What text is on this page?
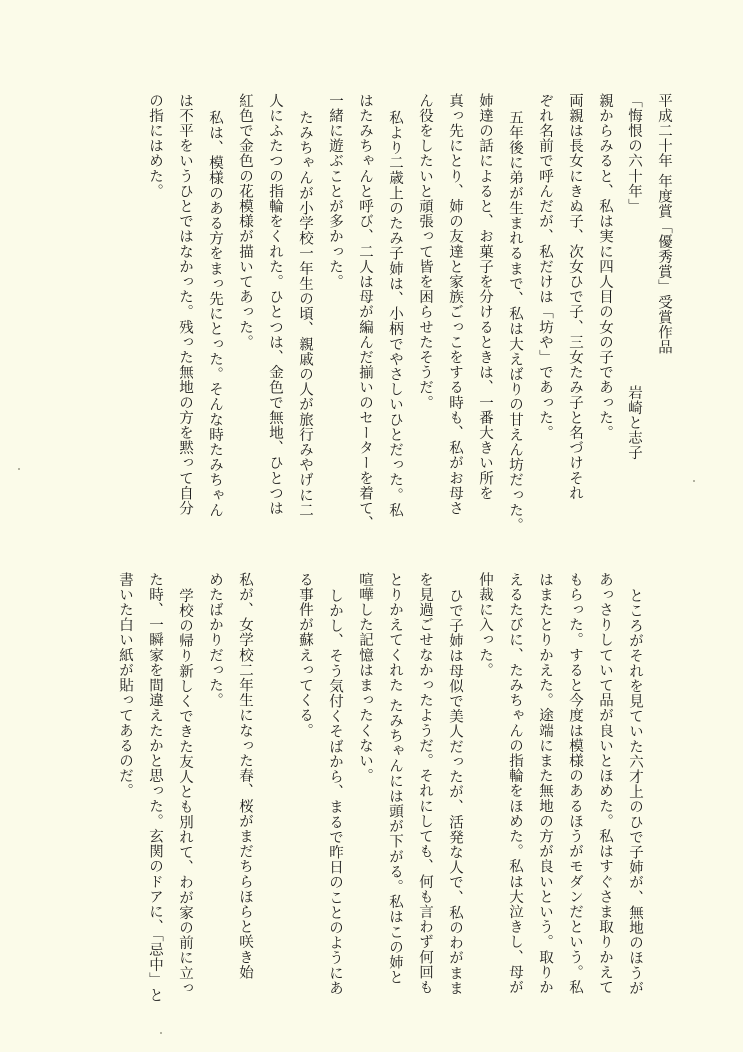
平成二十年 年度賞「優秀賞」受賞作品
「悔恨の六十年」
岩崎と志子
親からみると、私は実に四人目の女の子であった。
両親は長女にきぬ子、次女ひで子、三女たみ子と名づけそれ
ぞれ名前で呼んだが、私だけは「坊や」であった。
五年後に弟が生まれるまで、私は大えばりの甘えん坊だった。
姉達の話によると、お菓子を分けるときは、一番大きい所を
真っ先にとり、姉の友達と家族ごっこをする時も、私がお母さ
ん役をしたいと頑張って皆を困らせたそうだ。
私より二歳上のたみ子姉は、小柄でやさしいひとだった。私
はたみちゃんと呼び、二人は母が編んだ揃いのセーターを着て、
一緒に遊ぶことが多かった。
たみちゃんが小学校一年生の頃、親戚の人が旅行みやげに二
人にふたつの指輪をくれた。ひとつは、金色で無地、ひとつは
紅色で金色の花模様が描いてあった。
私は、模様のある方をまっ先にとった。そんな時たみちゃん
は不平をいうひとではなかった。残った無地の方を黙って自分
の指にはめた。
ところがそれを見ていた六才上のひで子姉が、無地のほうが
あっさりしていて品が良いとほめた。私はすぐさま取りかえて
もらった。すると今度は模様のあるほうがモダンだという。私
はまたとりかえた。途端にまた無地の方が良いという。取りか
えるたびに、たみちゃんの指輪をほめた。私は大泣きし、母が
仲裁に入った。
ひで子姉は母似で美人だったが、活発な人で、私のわがまま
を見過ごせなかったようだ。それにしても、何も言わず何回も
とりかえてくれた たみちゃんには頭が下がる。私はこの姉と
喧嘩した記憶はまったくない。
しかし、そう気付くそばから、まるで昨日のことのようにあ
る事件が蘇えってくる。
私が、女学校二年生になった春、桜がまだちらほらと咲き始
めたばかりだった。
学校の帰り新しくできた友人とも別れて、わが家の前に立っ
た時、一瞬家を間違えたかと思った。玄関のドアに、「忌中」と
書いた白い紙が貼ってあるのだ。
